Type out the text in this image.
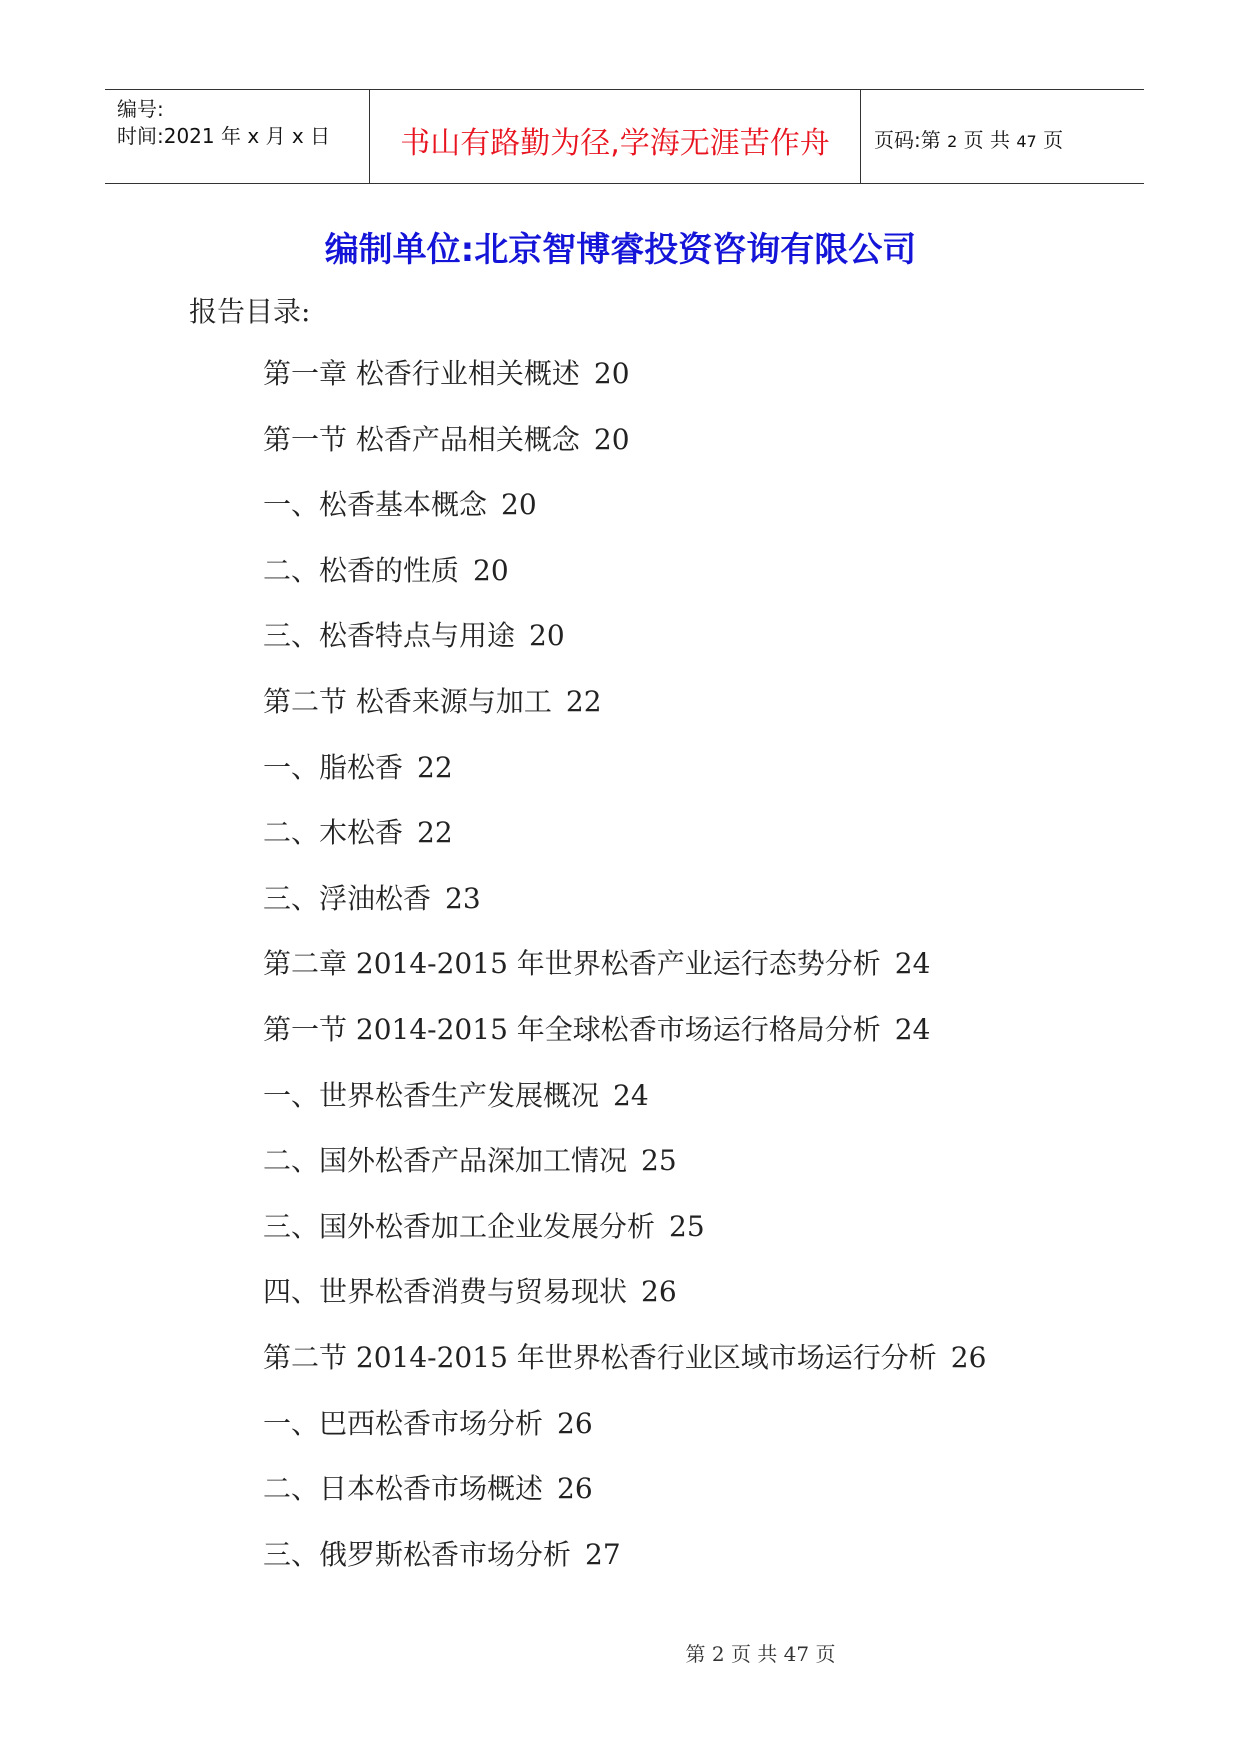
编号:
时间:2021 年 x 月 x 日	书山有路勤为径,学海无涯苦作舟	页码:第 2 页 共 47 页
编制单位:北京智博睿投资咨询有限公司
报告目录:
第一章 松香行业相关概述 20
第一节 松香产品相关概念 20
一、松香基本概念 20
二、松香的性质 20
三、松香特点与用途 20
第二节 松香来源与加工 22
一、脂松香 22
二、木松香 22
三、浮油松香 23
第二章 2014-2015 年世界松香产业运行态势分析 24
第一节 2014-2015 年全球松香市场运行格局分析 24
一、世界松香生产发展概况 24
二、国外松香产品深加工情况 25
三、国外松香加工企业发展分析 25
四、世界松香消费与贸易现状 26
第二节 2014-2015 年世界松香行业区域市场运行分析 26
一、巴西松香市场分析 26
二、日本松香市场概述 26
三、俄罗斯松香市场分析 27
第 2 页 共 47 页
